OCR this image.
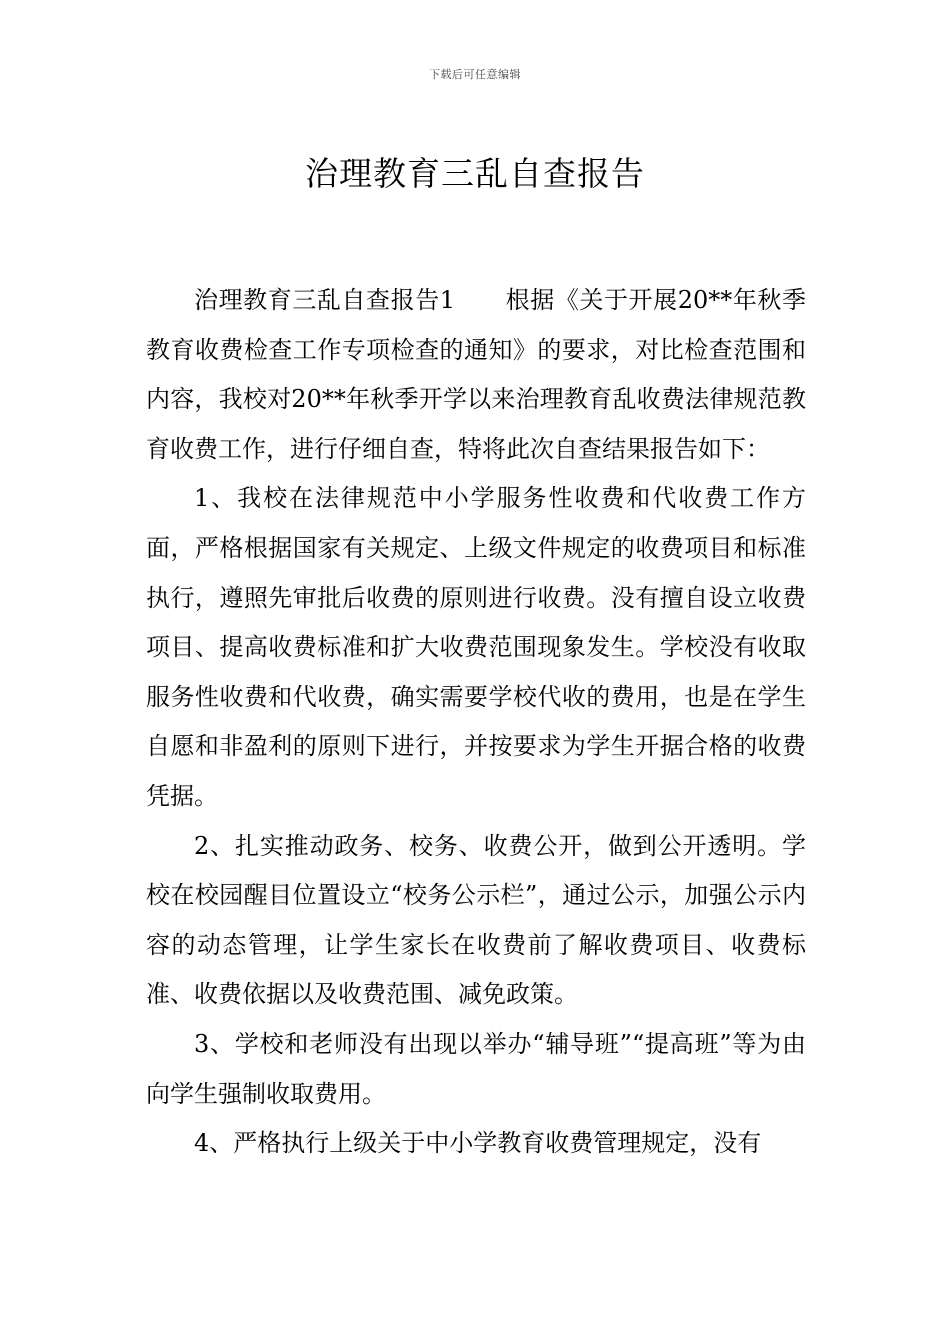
下载后可任意编辑
治理教育三乱自查报告

治理教育三乱自查报告1 根据《关于开展20**年秋季教育收费检查工作专项检查的通知》的要求，对比检查范围和内容，我校对20**年秋季开学以来治理教育乱收费法律规范教育收费工作，进行仔细自查，特将此次自查结果报告如下：

1、我校在法律规范中小学服务性收费和代收费工作方面，严格根据国家有关规定、上级文件规定的收费项目和标准执行，遵照先审批后收费的原则进行收费。没有擅自设立收费项目、提高收费标准和扩大收费范围现象发生。学校没有收取服务性收费和代收费，确实需要学校代收的费用，也是在学生自愿和非盈利的原则下进行，并按要求为学生开据合格的收费凭据。

2、扎实推动政务、校务、收费公开，做到公开透明。学校在校园醒目位置设立“校务公示栏”，通过公示，加强公示内容的动态管理，让学生家长在收费前了解收费项目、收费标准、收费依据以及收费范围、减免政策。

3、学校和老师没有出现以举办“辅导班”“提高班”等为由向学生强制收取费用。

4、严格执行上级关于中小学教育收费管理规定，没有
